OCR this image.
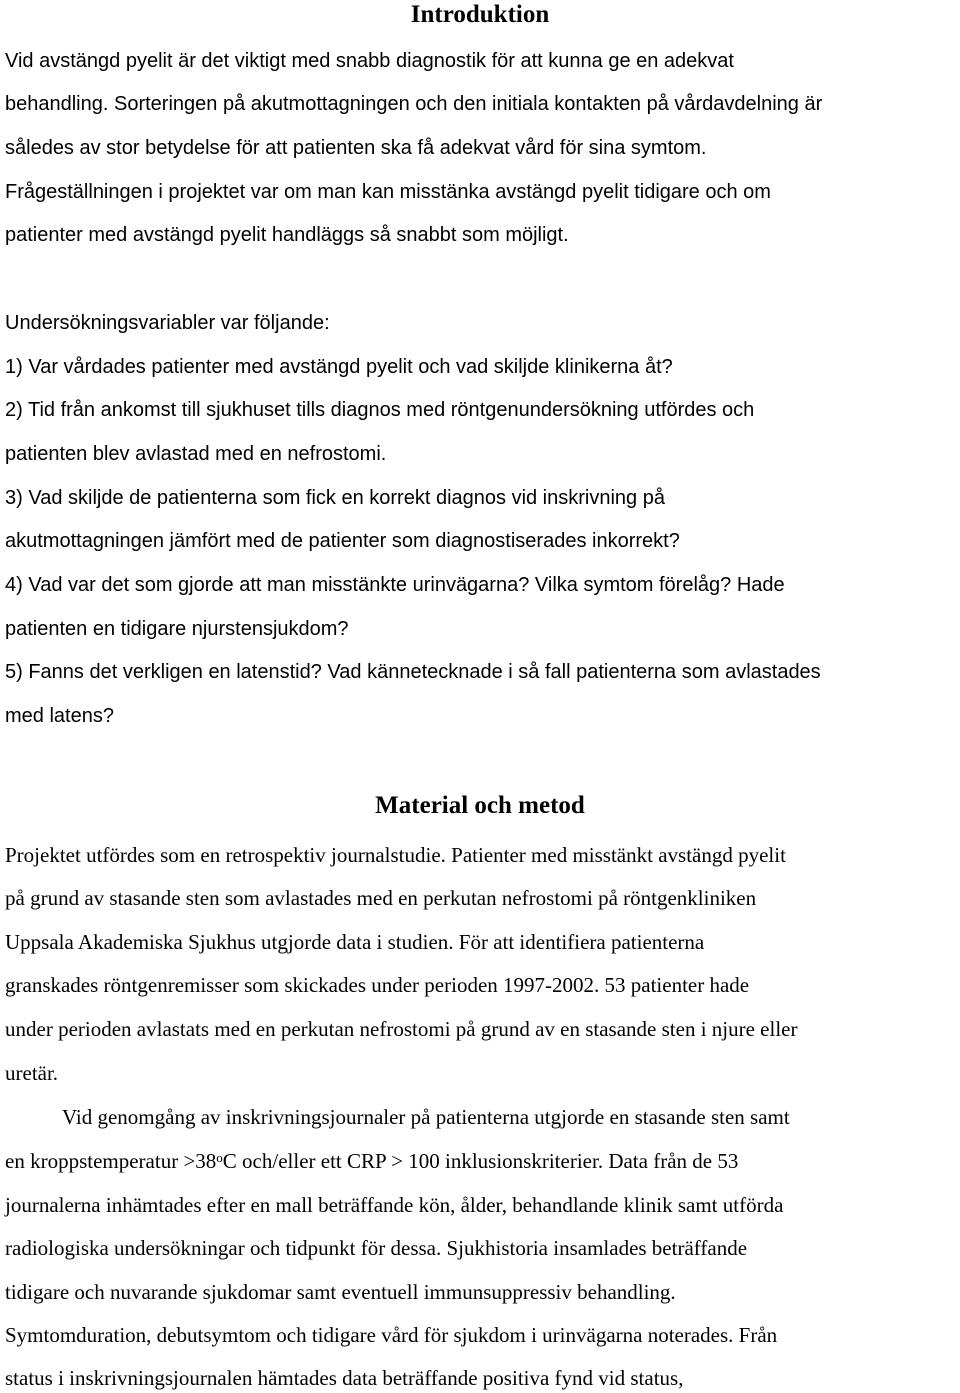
Introduktion
Vid avstängd pyelit är det viktigt med snabb diagnostik för att kunna ge en adekvat
behandling. Sorteringen på akutmottagningen och den initiala kontakten på vårdavdelning är
således av stor betydelse för att patienten ska få adekvat vård för sina symtom.
Frågeställningen i projektet var om man kan misstänka avstängd pyelit tidigare och om
patienter med avstängd pyelit handläggs så snabbt som möjligt.
Undersökningsvariabler var följande:
1) Var vårdades patienter med avstängd pyelit och vad skiljde klinikerna åt?
2) Tid från ankomst till sjukhuset tills diagnos med röntgenundersökning utfördes och
patienten blev avlastad med en nefrostomi.
3) Vad skiljde de patienterna som fick en korrekt diagnos vid inskrivning på
akutmottagningen jämfört med de patienter som diagnostiserades inkorrekt?
4) Vad var det som gjorde att man misstänkte urinvägarna? Vilka symtom förelåg? Hade
patienten en tidigare njurstensjukdom?
5) Fanns det verkligen en latenstid? Vad kännetecknade i så fall patienterna som avlastades
med latens?
Material och metod
Projektet utfördes som en retrospektiv journalstudie. Patienter med misstänkt avstängd pyelit
på grund av stasande sten som avlastades med en perkutan nefrostomi på röntgenkliniken
Uppsala Akademiska Sjukhus utgjorde data i studien. För att identifiera patienterna
granskades röntgenremisser som skickades under perioden 1997-2002. 53 patienter hade
under perioden avlastats med en perkutan nefrostomi på grund av en stasande sten i njure eller
uretär.
Vid genomgång av inskrivningsjournaler på patienterna utgjorde en stasande sten samt
en kroppstemperatur $>38^oC$ och/eller ett CRP > 100 inklusionskriterier. Data från de 53
journalerna inhämtades efter en mall beträffande kön, ålder, behandlande klinik samt utförda
radiologiska undersökningar och tidpunkt för dessa. Sjukhistoria insamlades beträffande
tidigare och nuvarande sjukdomar samt eventuell immunsuppressiv behandling.
Symtomduration, debutsymtom och tidigare vård för sjukdom i urinvägarna noterades. Från
status i inskrivningsjournalen hämtades data beträffande positiva fynd vid status,
